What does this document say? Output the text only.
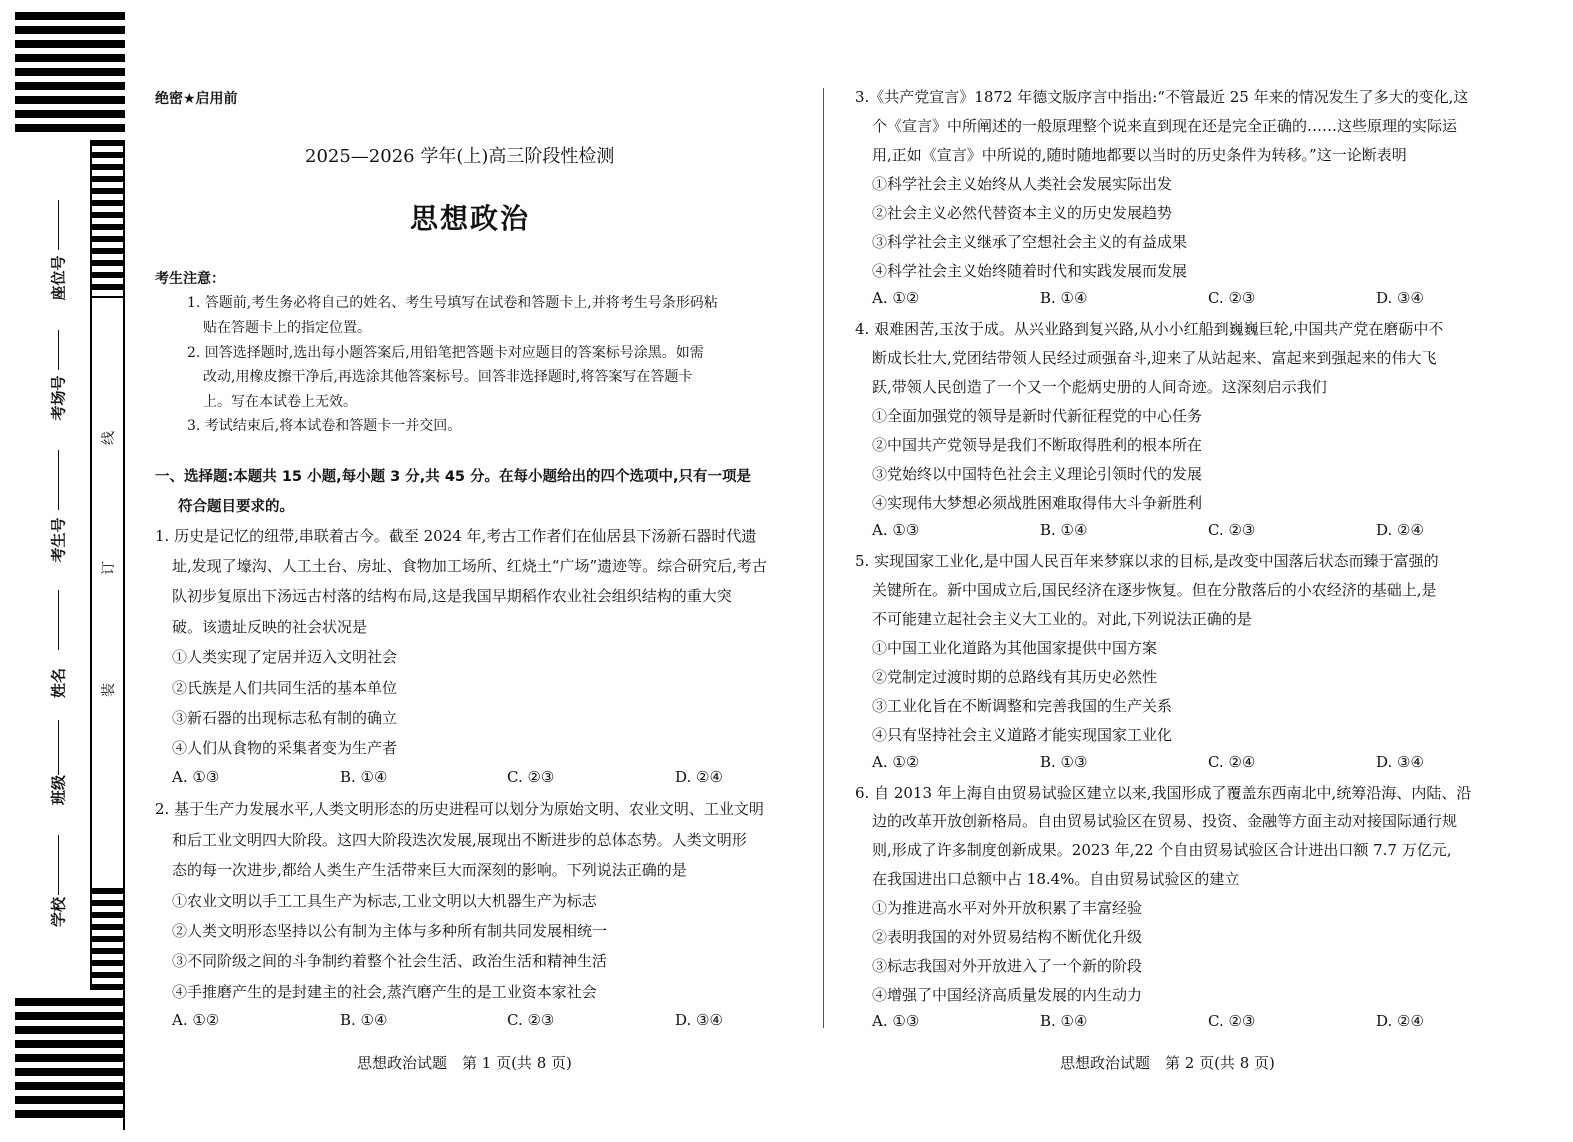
座位号
考场号
考生号
姓名
班级
学校
线
订
装
绝密★启用前
2025—2026 学年(上)高三阶段性检测
思想政治
考生注意：
1. 答题前,考生务必将自己的姓名、考生号填写在试卷和答题卡上,并将考生号条形码粘
贴在答题卡上的指定位置。
2. 回答选择题时,选出每小题答案后,用铅笔把答题卡对应题目的答案标号涂黑。如需
改动,用橡皮擦干净后,再选涂其他答案标号。回答非选择题时,将答案写在答题卡
上。写在本试卷上无效。
3. 考试结束后,将本试卷和答题卡一并交回。
一、选择题:本题共 15 小题,每小题 3 分,共 45 分。在每小题给出的四个选项中,只有一项是
符合题目要求的。
1. 历史是记忆的纽带,串联着古今。截至 2024 年,考古工作者们在仙居县下汤新石器时代遗
址,发现了壕沟、人工土台、房址、食物加工场所、红烧土“广场”遗迹等。综合研究后,考古
队初步复原出下汤远古村落的结构布局,这是我国早期稻作农业社会组织结构的重大突
破。该遗址反映的社会状况是
①人类实现了定居并迈入文明社会
②氏族是人们共同生活的基本单位
③新石器的出现标志私有制的确立
④人们从食物的采集者变为生产者
A. ①③	B. ①④	C. ②③	D. ②④
2. 基于生产力发展水平,人类文明形态的历史进程可以划分为原始文明、农业文明、工业文明
和后工业文明四大阶段。这四大阶段迭次发展,展现出不断进步的总体态势。人类文明形
态的每一次进步,都给人类生产生活带来巨大而深刻的影响。下列说法正确的是
①农业文明以手工工具生产为标志,工业文明以大机器生产为标志
②人类文明形态坚持以公有制为主体与多种所有制共同发展相统一
③不同阶级之间的斗争制约着整个社会生活、政治生活和精神生活
④手推磨产生的是封建主的社会,蒸汽磨产生的是工业资本家社会
A. ①②	B. ①④	C. ②③	D. ③④
3.《共产党宣言》1872 年德文版序言中指出:“不管最近 25 年来的情况发生了多大的变化,这
个《宣言》中所阐述的一般原理整个说来直到现在还是完全正确的……这些原理的实际运
用,正如《宣言》中所说的,随时随地都要以当时的历史条件为转移。”这一论断表明
①科学社会主义始终从人类社会发展实际出发
②社会主义必然代替资本主义的历史发展趋势
③科学社会主义继承了空想社会主义的有益成果
④科学社会主义始终随着时代和实践发展而发展
A. ①②	B. ①④	C. ②③	D. ③④
4. 艰难困苦,玉汝于成。从兴业路到复兴路,从小小红船到巍巍巨轮,中国共产党在磨砺中不
断成长壮大,党团结带领人民经过顽强奋斗,迎来了从站起来、富起来到强起来的伟大飞
跃,带领人民创造了一个又一个彪炳史册的人间奇迹。这深刻启示我们
①全面加强党的领导是新时代新征程党的中心任务
②中国共产党领导是我们不断取得胜利的根本所在
③党始终以中国特色社会主义理论引领时代的发展
④实现伟大梦想必须战胜困难取得伟大斗争新胜利
A. ①③	B. ①④	C. ②③	D. ②④
5. 实现国家工业化,是中国人民百年来梦寐以求的目标,是改变中国落后状态而臻于富强的
关键所在。新中国成立后,国民经济在逐步恢复。但在分散落后的小农经济的基础上,是
不可能建立起社会主义大工业的。对此,下列说法正确的是
①中国工业化道路为其他国家提供中国方案
②党制定过渡时期的总路线有其历史必然性
③工业化旨在不断调整和完善我国的生产关系
④只有坚持社会主义道路才能实现国家工业化
A. ①②	B. ①③	C. ②④	D. ③④
6. 自 2013 年上海自由贸易试验区建立以来,我国形成了覆盖东西南北中,统筹沿海、内陆、沿
边的改革开放创新格局。自由贸易试验区在贸易、投资、金融等方面主动对接国际通行规
则,形成了许多制度创新成果。2023 年,22 个自由贸易试验区合计进出口额 7.7 万亿元,
在我国进出口总额中占 18.4%。自由贸易试验区的建立
①为推进高水平对外开放积累了丰富经验
②表明我国的对外贸易结构不断优化升级
③标志我国对外开放进入了一个新的阶段
④增强了中国经济高质量发展的内生动力
A. ①③	B. ①④	C. ②③	D. ②④
思想政治试题　第 1 页(共 8 页)	思想政治试题　第 2 页(共 8 页)
